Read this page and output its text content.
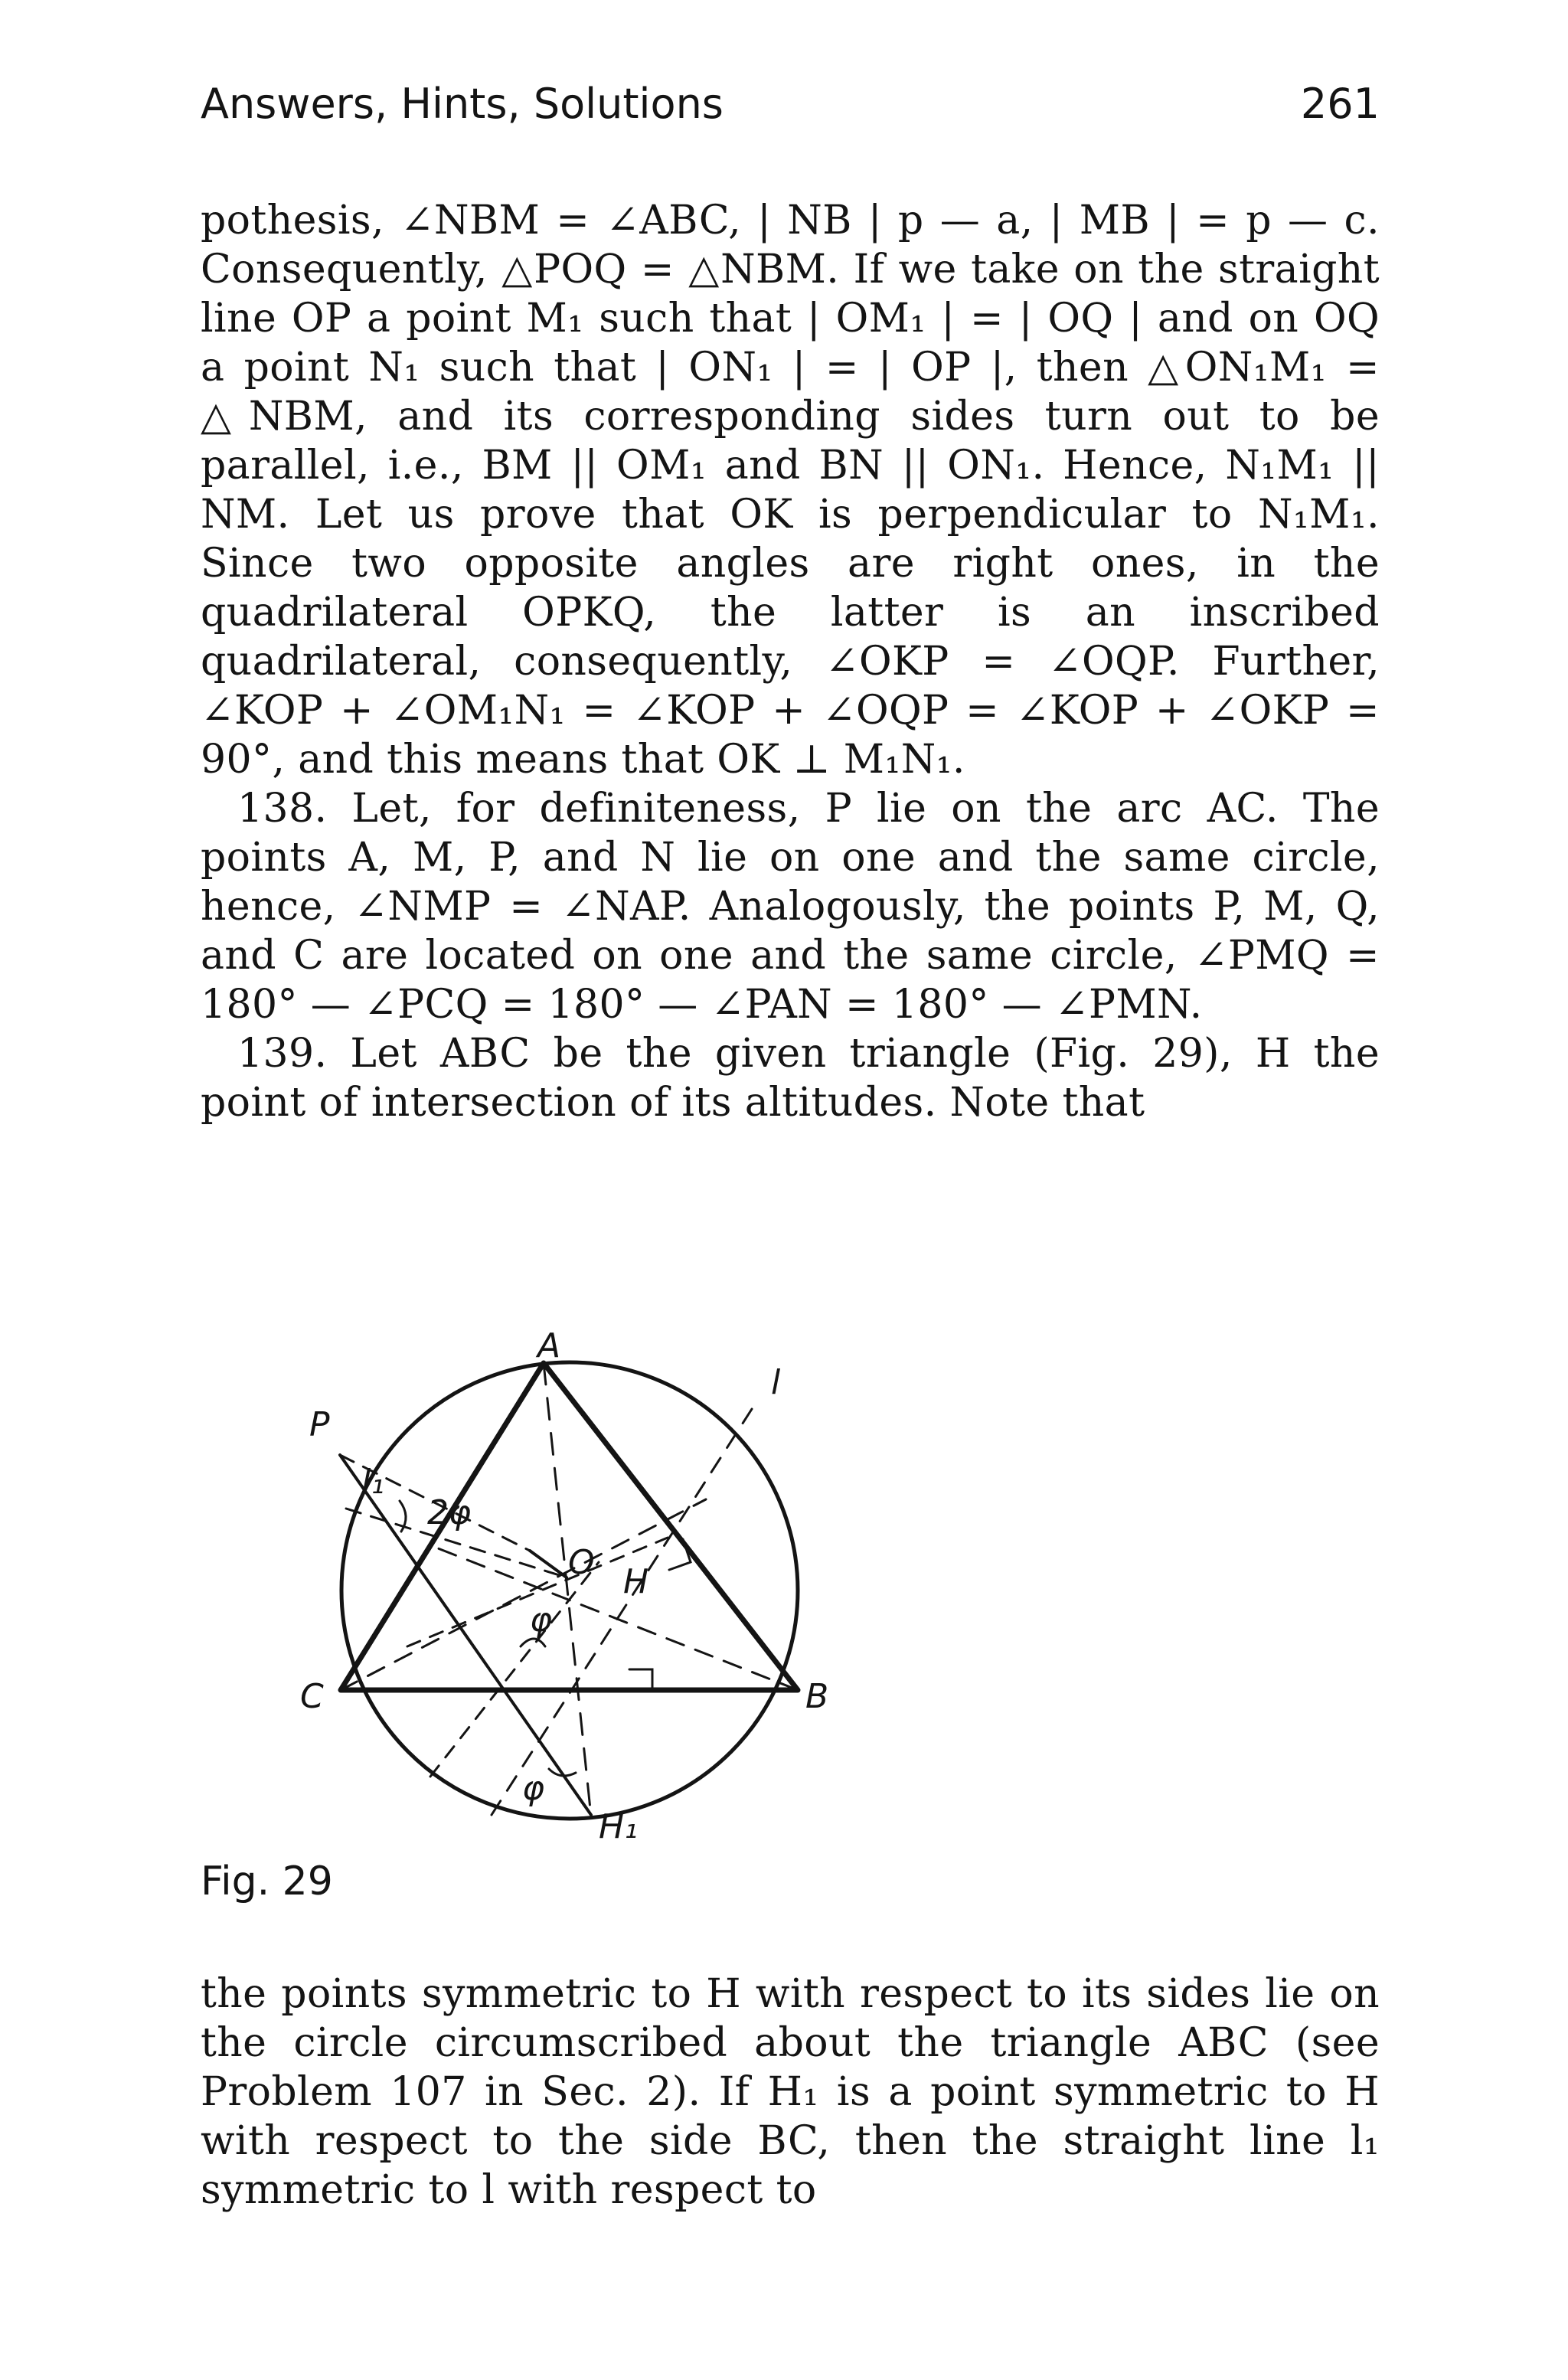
Answers, Hints, Solutions	261

pothesis, ∠NBM = ∠ABC, | NB | p — a, | MB | = p — c. Consequently, △POQ = △NBM. If we take on the straight line OP a point M₁ such that | OM₁ | = | OQ | and on OQ a point N₁ such that | ON₁ | = | OP |, then △ON₁M₁ = △NBM, and its corresponding sides turn out to be parallel, i.e., BM || OM₁ and BN || ON₁. Hence, N₁M₁ || NM. Let us prove that OK is perpendicular to N₁M₁. Since two opposite angles are right ones, in the quadrilateral OPKQ, the latter is an inscribed quadrilateral, consequently, ∠OKP = ∠OQP. Further, ∠KOP + ∠OM₁N₁ = ∠KOP + ∠OQP = ∠KOP + ∠OKP = 90°, and this means that OK ⊥ M₁N₁.

138. Let, for definiteness, P lie on the arc AC. The points A, M, P, and N lie on one and the same circle, hence, ∠NMP = ∠NAP. Analogously, the points P, M, Q, and C are located on one and the same circle, ∠PMQ = 180° — ∠PCQ = 180° — ∠PAN = 180° — ∠PMN.

139. Let ABC be the given triangle (Fig. 29), H the point of intersection of its altitudes. Note that

A
B
C
P
H
H₁
O
l
l₁
2φ
φ
φ
Fig. 29

the points symmetric to H with respect to its sides lie on the circle circumscribed about the triangle ABC (see Problem 107 in Sec. 2). If H₁ is a point symmetric to H with respect to the side BC, then the straight line l₁ symmetric to l with respect to
